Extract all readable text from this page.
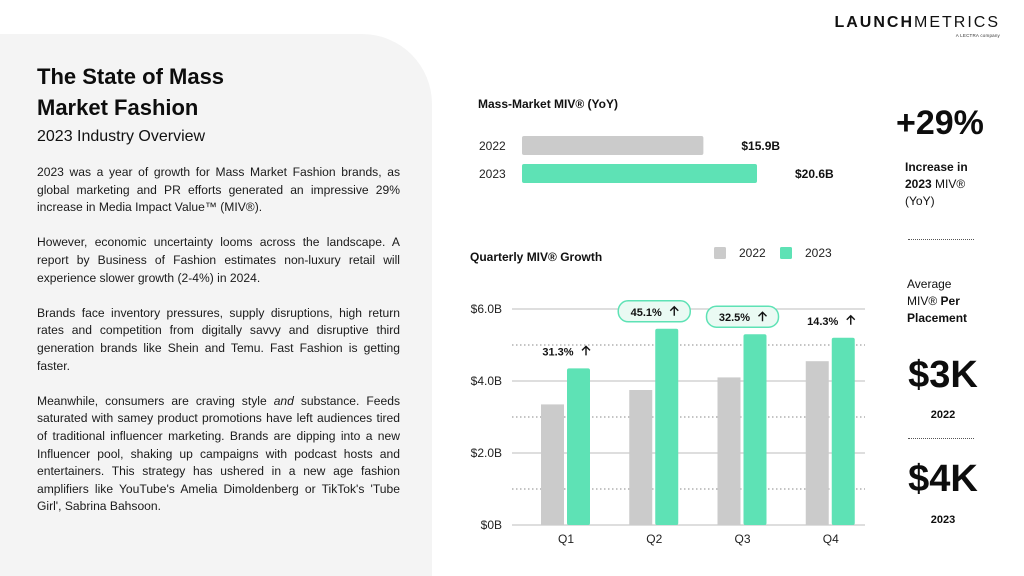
The State of Mass
Market Fashion
2023 Industry Overview

2023 was a year of growth for Mass Market Fashion brands, as global marketing and PR efforts generated an impressive 29% increase in Media Impact Value™ (MIV®).

However, economic uncertainty looms across the landscape. A report by Business of Fashion estimates non-luxury retail will experience slower growth (2-4%) in 2024.

Brands face inventory pressures, supply disruptions, high return rates and competition from digitally savvy and disruptive third generation brands like Shein and Temu. Fast Fashion is getting faster.

Meanwhile, consumers are craving style and substance. Feeds saturated with samey product promotions have left audiences tired of traditional influencer marketing. Brands are dipping into a new Influencer pool, shaking up campaigns with podcast hosts and entertainers. This strategy has ushered in a new age fashion amplifiers like YouTube's Amelia Dimoldenberg or TikTok's 'Tube Girl', Sabrina Bahsoon.

LAUNCHMETRICS
A LECTRA company
Mass-Market MIV® (YoY)
2022	$15.9B
2023	$20.6B
Quarterly MIV® Growth	2022	2023
$0B
$2.0B
$4.0B
$6.0B
Q1
31.3%
Q2
45.1%
Q3
32.5%
Q4
14.3%
+29%
Increase in
2023 MIV®
(YoY)
Average
MIV® Per
Placement
$3K
2022
$4K
2023
